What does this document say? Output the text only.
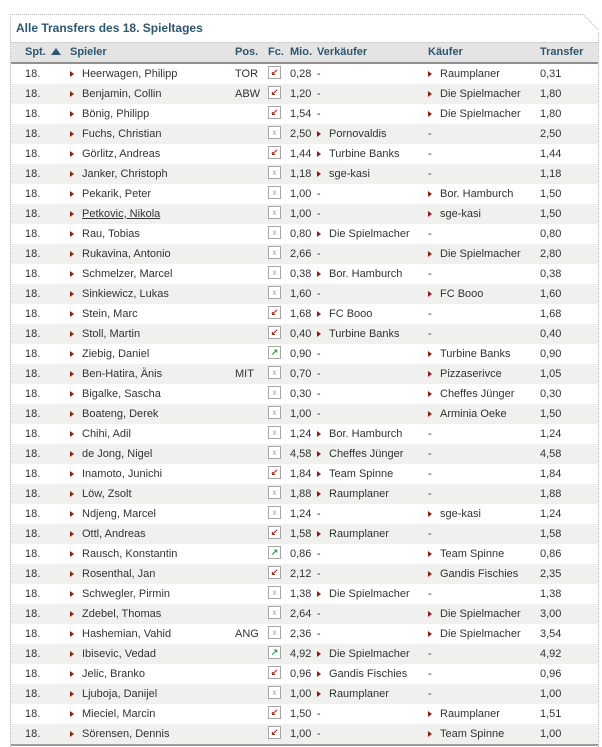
Alle Transfers des 18. Spieltages
Spt.	Spieler	Pos.	Fc.	Mio.	Verkäufer	Käufer	Transfer
18.	Heerwagen, Philipp	TOR	↙	0,28	-	Raumplaner	0,31
18.	Benjamin, Collin	ABW	↙	1,20	-	Die Spielmacher	1,80
18.	Bönig, Philipp		↙	1,54	-	Die Spielmacher	1,80
18.	Fuchs, Christian		x	2,50	Pornovaldis	-	2,50
18.	Görlitz, Andreas		↙	1,44	Turbine Banks	-	1,44
18.	Janker, Christoph		x	1,18	sge-kasi	-	1,18
18.	Pekarik, Peter		x	1,00	-	Bor. Hamburch	1,50
18.	Petkovic, Nikola		x	1,00	-	sge-kasi	1,50
18.	Rau, Tobias		x	0,80	Die Spielmacher	-	0,80
18.	Rukavina, Antonio		x	2,66	-	Die Spielmacher	2,80
18.	Schmelzer, Marcel		x	0,38	Bor. Hamburch	-	0,38
18.	Sinkiewicz, Lukas		x	1,60	-	FC Booo	1,60
18.	Stein, Marc		↙	1,68	FC Booo	-	1,68
18.	Stoll, Martin		↙	0,40	Turbine Banks	-	0,40
18.	Ziebig, Daniel		↗	0,90	-	Turbine Banks	0,90
18.	Ben-Hatira, Änis	MIT	x	0,70	-	Pizzaserivce	1,05
18.	Bigalke, Sascha		x	0,30	-	Cheffes Jünger	0,30
18.	Boateng, Derek		x	1,00	-	Arminia Oeke	1,50
18.	Chihi, Adil		x	1,24	Bor. Hamburch	-	1,24
18.	de Jong, Nigel		x	4,58	Cheffes Jünger	-	4,58
18.	Inamoto, Junichi		↙	1,84	Team Spinne	-	1,84
18.	Löw, Zsolt		x	1,88	Raumplaner	-	1,88
18.	Ndjeng, Marcel		x	1,24	-	sge-kasi	1,24
18.	Ottl, Andreas		↙	1,58	Raumplaner	-	1,58
18.	Rausch, Konstantin		↗	0,86	-	Team Spinne	0,86
18.	Rosenthal, Jan		↙	2,12	-	Gandis Fischies	2,35
18.	Schwegler, Pirmin		x	1,38	Die Spielmacher	-	1,38
18.	Zdebel, Thomas		x	2,64	-	Die Spielmacher	3,00
18.	Hashemian, Vahid	ANG	x	2,36	-	Die Spielmacher	3,54
18.	Ibisevic, Vedad		↗	4,92	Die Spielmacher	-	4,92
18.	Jelic, Branko		↙	0,96	Gandis Fischies	-	0,96
18.	Ljuboja, Danijel		x	1,00	Raumplaner	-	1,00
18.	Mieciel, Marcin		↙	1,50	-	Raumplaner	1,51
18.	Sörensen, Dennis		↙	1,00	-	Team Spinne	1,00
